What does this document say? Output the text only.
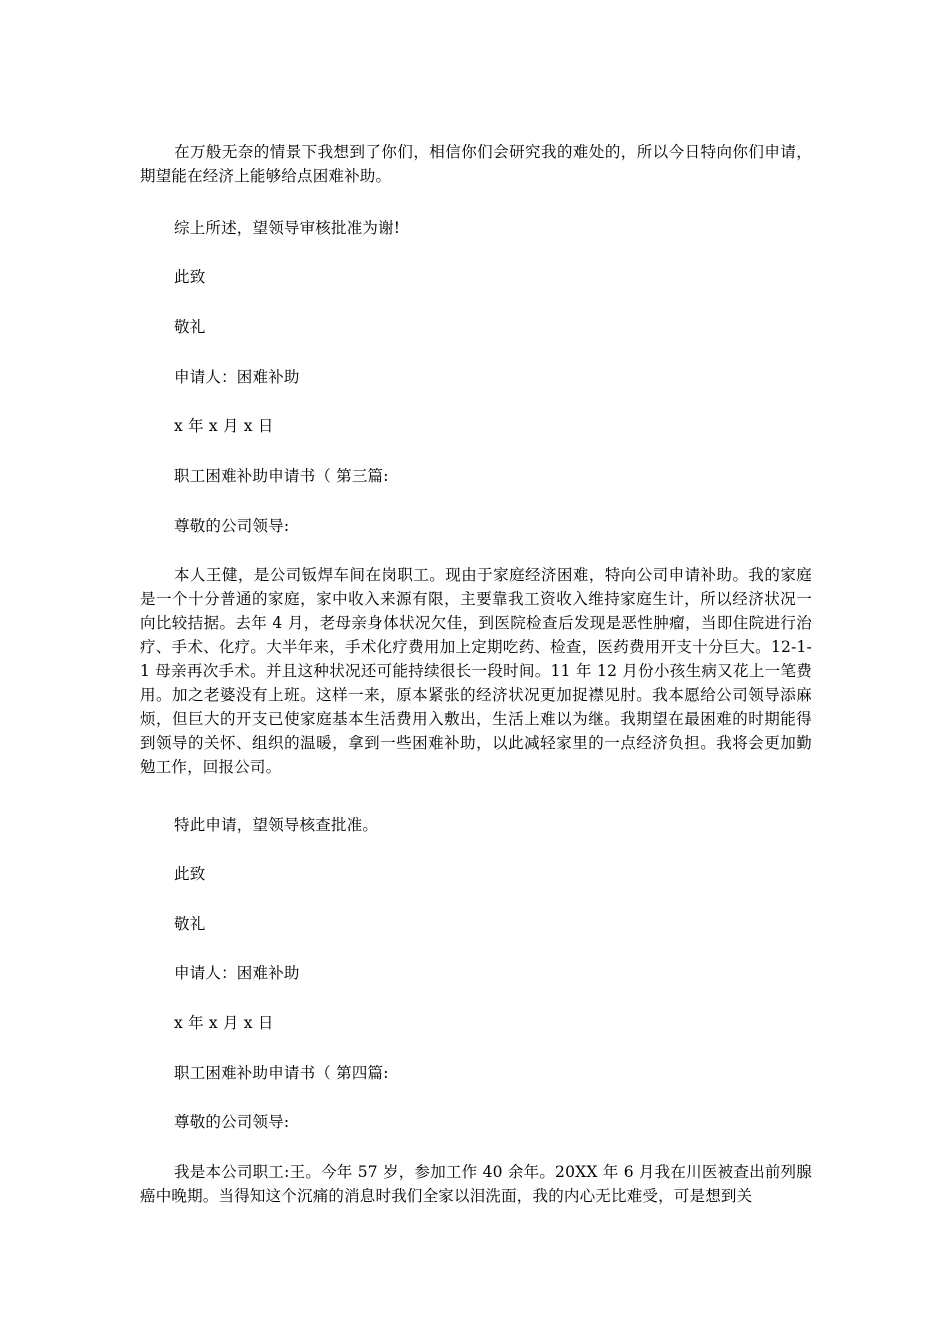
在万般无奈的情景下我想到了你们，相信你们会研究我的难处的，所以今日特向你们申请，期望能在经济上能够给点困难补助。
综上所述，望领导审核批准为谢!
此致
敬礼
申请人：困难补助
x 年 x 月 x 日
职工困难补助申请书（ 第三篇:
尊敬的公司领导:
本人王健，是公司钣焊车间在岗职工。现由于家庭经济困难，特向公司申请补助。我的家庭是一个十分普通的家庭，家中收入来源有限，主要靠我工资收入维持家庭生计，所以经济状况一向比较拮据。去年 4 月，老母亲身体状况欠佳，到医院检查后发现是恶性肿瘤，当即住院进行治疗、手术、化疗。大半年来，手术化疗费用加上定期吃药、检查，医药费用开支十分巨大。12-1-1 母亲再次手术。并且这种状况还可能持续很长一段时间。11 年 12 月份小孩生病又花上一笔费用。加之老婆没有上班。这样一来，原本紧张的经济状况更加捉襟见肘。我本愿给公司领导添麻烦，但巨大的开支已使家庭基本生活费用入敷出，生活上难以为继。我期望在最困难的时期能得到领导的关怀、组织的温暖，拿到一些困难补助，以此减轻家里的一点经济负担。我将会更加勤勉工作，回报公司。
特此申请，望领导核查批准。
此致
敬礼
申请人：困难补助
x 年 x 月 x 日
职工困难补助申请书（ 第四篇:
尊敬的公司领导:
我是本公司职工:王。今年 57 岁，参加工作 40 余年。20XX 年 6 月我在川医被查出前列腺癌中晚期。当得知这个沉痛的消息时我们全家以泪洗面，我的内心无比难受，可是想到关
